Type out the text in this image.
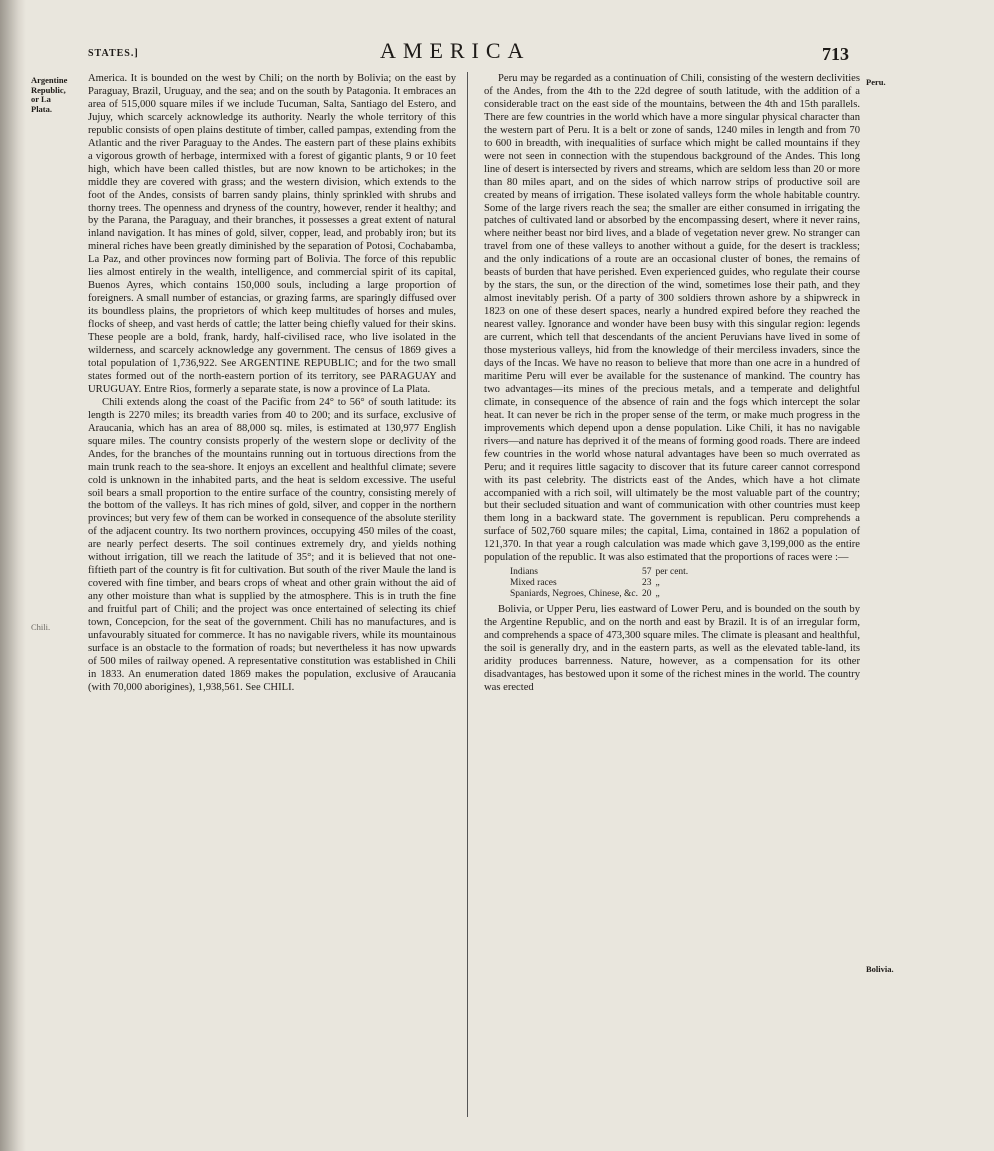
STATES.]	AMERICA	713
Argentine Republic, or La Plata.
Chili.
Peru.
Bolivia.

America. It is bounded on the west by Chili; on the north by Bolivia; on the east by Paraguay, Brazil, Uruguay, and the sea; and on the south by Patagonia. It embraces an area of 515,000 square miles if we include Tucuman, Salta, Santiago del Estero, and Jujuy, which scarcely acknowledge its authority. Nearly the whole territory of this republic consists of open plains destitute of timber, called pampas, extending from the Atlantic and the river Paraguay to the Andes. The eastern part of these plains exhibits a vigorous growth of herbage, intermixed with a forest of gigantic plants, 9 or 10 feet high, which have been called thistles, but are now known to be artichokes; in the middle they are covered with grass; and the western division, which extends to the foot of the Andes, consists of barren sandy plains, thinly sprinkled with shrubs and thorny trees. The openness and dryness of the country, however, render it healthy; and by the Parana, the Paraguay, and their branches, it possesses a great extent of natural inland navigation. It has mines of gold, silver, copper, lead, and probably iron; but its mineral riches have been greatly diminished by the separation of Potosi, Cochabamba, La Paz, and other provinces now forming part of Bolivia. The force of this republic lies almost entirely in the wealth, intelligence, and commercial spirit of its capital, Buenos Ayres, which contains 150,000 souls, including a large proportion of foreigners. A small number of estancias, or grazing farms, are sparingly diffused over its boundless plains, the proprietors of which keep multitudes of horses and mules, flocks of sheep, and vast herds of cattle; the latter being chiefly valued for their skins. These people are a bold, frank, hardy, half-civilised race, who live isolated in the wilderness, and scarcely acknowledge any government. The census of 1869 gives a total population of 1,736,922. See ARGENTINE REPUBLIC; and for the two small states formed out of the north-eastern portion of its territory, see PARAGUAY and URUGUAY. Entre Rios, formerly a separate state, is now a province of La Plata.

Chili extends along the coast of the Pacific from 24° to 56° of south latitude: its length is 2270 miles; its breadth varies from 40 to 200; and its surface, exclusive of Araucania, which has an area of 88,000 sq. miles, is estimated at 130,977 English square miles. The country consists properly of the western slope or declivity of the Andes, for the branches of the mountains running out in tortuous directions from the main trunk reach to the sea-shore. It enjoys an excellent and healthful climate; severe cold is unknown in the inhabited parts, and the heat is seldom excessive. The useful soil bears a small proportion to the entire surface of the country, consisting merely of the bottom of the valleys. It has rich mines of gold, silver, and copper in the northern provinces; but very few of them can be worked in consequence of the absolute sterility of the adjacent country. Its two northern provinces, occupying 450 miles of the coast, are nearly perfect deserts. The soil continues extremely dry, and yields nothing without irrigation, till we reach the latitude of 35°; and it is believed that not one-fiftieth part of the country is fit for cultivation. But south of the river Maule the land is covered with fine timber, and bears crops of wheat and other grain without the aid of any other moisture than what is supplied by the atmosphere. This is in truth the fine and fruitful part of Chili; and the project was once entertained of selecting its chief town, Concepcion, for the seat of the government. Chili has no manufactures, and is unfavourably situated for commerce. It has no navigable rivers, while its mountainous surface is an obstacle to the formation of roads; but nevertheless it has now upwards of 500 miles of railway opened. A representative constitution was established in Chili in 1833. An enumeration dated 1869 makes the population, exclusive of Araucania (with 70,000 aborigines), 1,938,561. See CHILI.

Peru may be regarded as a continuation of Chili, consisting of the western declivities of the Andes, from the 4th to the 22d degree of south latitude, with the addition of a considerable tract on the east side of the mountains, between the 4th and 15th parallels. There are few countries in the world which have a more singular physical character than the western part of Peru. It is a belt or zone of sands, 1240 miles in length and from 70 to 600 in breadth, with inequalities of surface which might be called mountains if they were not seen in connection with the stupendous background of the Andes. This long line of desert is intersected by rivers and streams, which are seldom less than 20 or more than 80 miles apart, and on the sides of which narrow strips of productive soil are created by means of irrigation. These isolated valleys form the whole habitable country. Some of the large rivers reach the sea; the smaller are either consumed in irrigating the patches of cultivated land or absorbed by the encompassing desert, where it never rains, where neither beast nor bird lives, and a blade of vegetation never grew. No stranger can travel from one of these valleys to another without a guide, for the desert is trackless; and the only indications of a route are an occasional cluster of bones, the remains of beasts of burden that have perished. Even experienced guides, who regulate their course by the stars, the sun, or the direction of the wind, sometimes lose their path, and they almost inevitably perish. Of a party of 300 soldiers thrown ashore by a shipwreck in 1823 on one of these desert spaces, nearly a hundred expired before they reached the nearest valley. Ignorance and wonder have been busy with this singular region: legends are current, which tell that descendants of the ancient Peruvians have lived in some of those mysterious valleys, hid from the knowledge of their merciless invaders, since the days of the Incas. We have no reason to believe that more than one acre in a hundred of maritime Peru will ever be available for the sustenance of mankind. The country has two advantages—its mines of the precious metals, and a temperate and delightful climate, in consequence of the absence of rain and the fogs which intercept the solar heat. It can never be rich in the proper sense of the term, or make much progress in the improvements which depend upon a dense population. Like Chili, it has no navigable rivers—and nature has deprived it of the means of forming good roads. There are indeed few countries in the world whose natural advantages have been so much overrated as Peru; and it requires little sagacity to discover that its future career cannot correspond with its past celebrity. The districts east of the Andes, which have a hot climate accompanied with a rich soil, will ultimately be the most valuable part of the country; but their secluded situation and want of communication with other countries must keep them long in a backward state. The government is republican. Peru comprehends a surface of 502,760 square miles; the capital, Lima, contained in 1862 a population of 121,370. In that year a rough calculation was made which gave 3,199,000 as the entire population of the republic. It was also estimated that the proportions of races were :—

Indians	57	per cent.
Mixed races	23	„
Spaniards, Negroes, Chinese, &c.	20	„

Bolivia, or Upper Peru, lies eastward of Lower Peru, and is bounded on the south by the Argentine Republic, and on the north and east by Brazil. It is of an irregular form, and comprehends a space of 473,300 square miles. The climate is pleasant and healthful, the soil is generally dry, and in the eastern parts, as well as the elevated table-land, its aridity produces barrenness. Nature, however, as a compensation for its other disadvantages, has bestowed upon it some of the richest mines in the world. The country was erected
